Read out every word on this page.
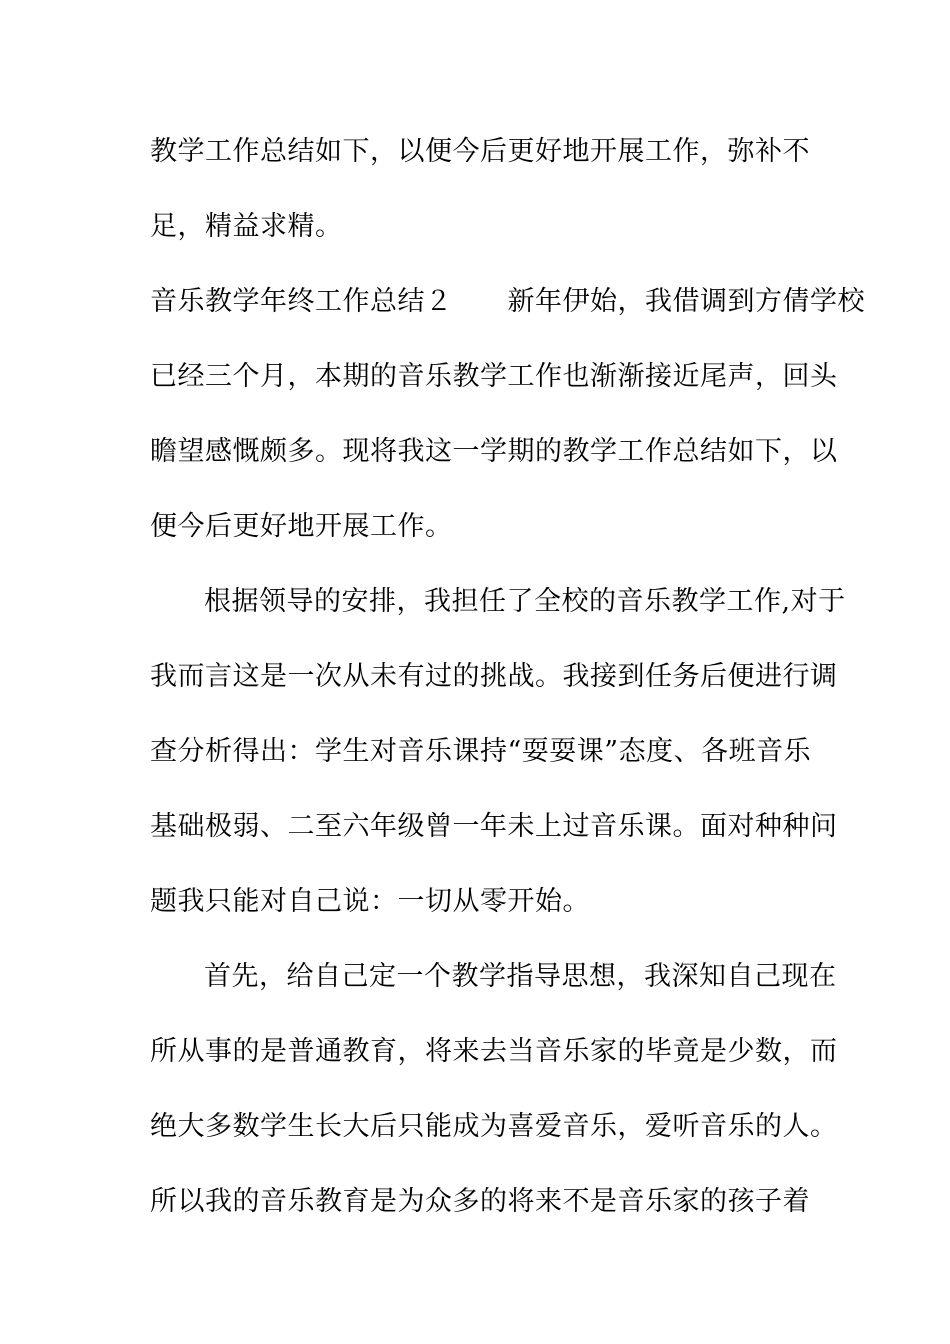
教学工作总结如下，以便今后更好地开展工作，弥补不
足，精益求精。
音乐教学年终工作总结２　　新年伊始，我借调到方倩学校
已经三个月，本期的音乐教学工作也渐渐接近尾声，回头
瞻望感慨颇多。现将我这一学期的教学工作总结如下，以
便今后更好地开展工作。
根据领导的安排，我担任了全校的音乐教学工作,对于
我而言这是一次从未有过的挑战。我接到任务后便进行调
查分析得出：学生对音乐课持“耍耍课”态度、各班音乐
基础极弱、二至六年级曾一年未上过音乐课。面对种种问
题我只能对自己说：一切从零开始。
首先，给自己定一个教学指导思想，我深知自己现在
所从事的是普通教育，将来去当音乐家的毕竟是少数，而
绝大多数学生长大后只能成为喜爱音乐，爱听音乐的人。
所以我的音乐教育是为众多的将来不是音乐家的孩子着
